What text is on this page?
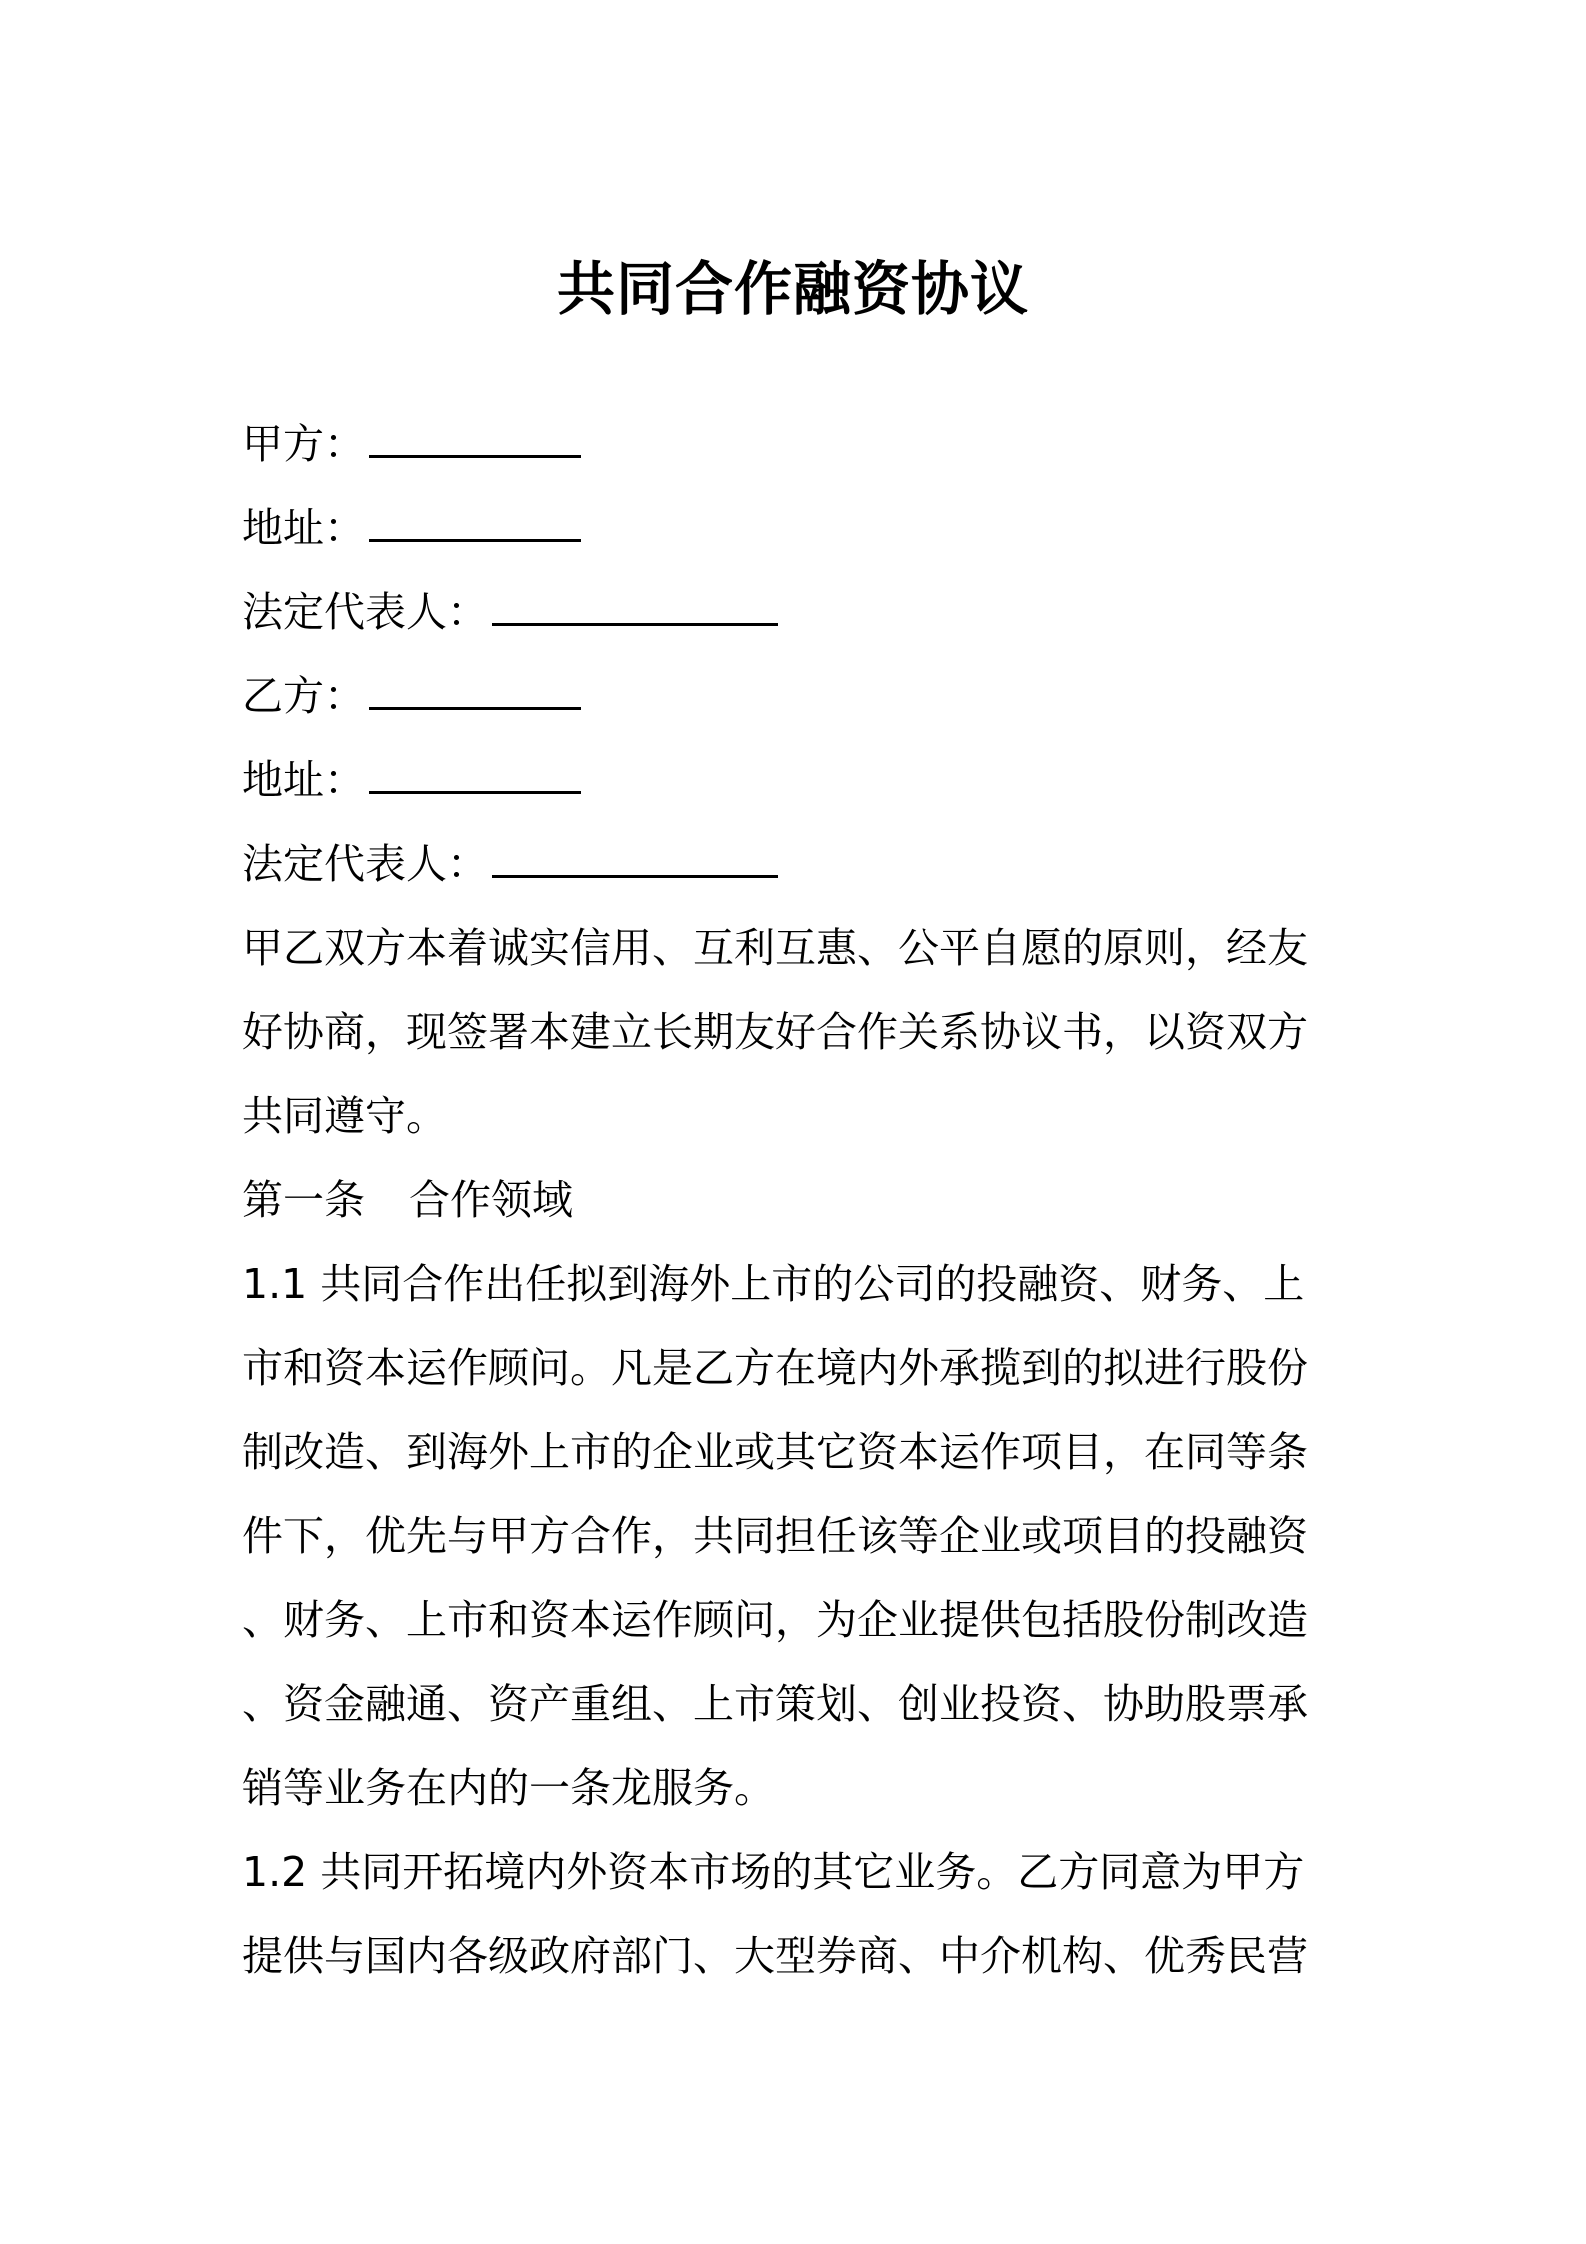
共同合作融资协议
甲方：
地址：
法定代表人：
乙方：
地址：
法定代表人：
甲乙双方本着诚实信用、互利互惠、公平自愿的原则，经友
好协商，现签署本建立长期友好合作关系协议书，以资双方
共同遵守。
第一条 合作领域
1.1 共同合作出任拟到海外上市的公司的投融资、财务、上
市和资本运作顾问。凡是乙方在境内外承揽到的拟进行股份
制改造、到海外上市的企业或其它资本运作项目，在同等条
件下，优先与甲方合作，共同担任该等企业或项目的投融资
、财务、上市和资本运作顾问，为企业提供包括股份制改造
、资金融通、资产重组、上市策划、创业投资、协助股票承
销等业务在内的一条龙服务。
1.2 共同开拓境内外资本市场的其它业务。乙方同意为甲方
提供与国内各级政府部门、大型券商、中介机构、优秀民营
